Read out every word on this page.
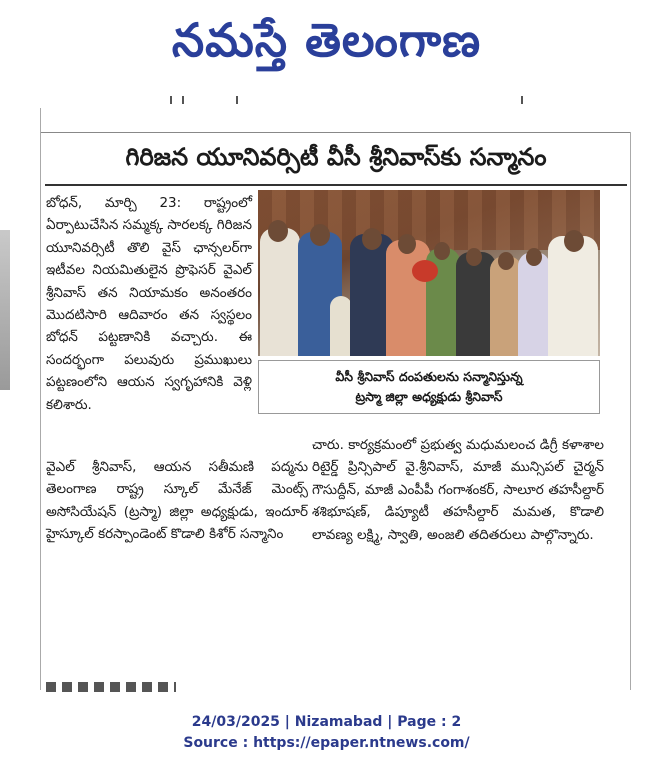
నమస్తే తెలంగాణ
గిరిజన యూనివర్సిటీ వీసీ శ్రీనివాస్‌కు సన్మానం
బోధన్, మార్చి 23: రాష్ట్రంలో ఏర్పాటుచేసిన సమ్మక్క సారలక్క గిరిజన యూనివర్సిటీ తొలి వైస్ ఛాన్సలర్‌గా ఇటీవల నియమితులైన ప్రొఫెసర్ వైఎల్ శ్రీనివాస్ తన నియామకం అనంతరం మొదటిసారి ఆదివారం తన స్వస్థలం బోధన్ పట్టణానికి వచ్చారు. ఈ సందర్భంగా పలువురు ప్రముఖులు పట్టణంలోని ఆయన స్వగృహానికి వెళ్లి కలిశారు.
వీసీ శ్రీనివాస్ దంపతులను సన్మానిస్తున్న
ట్రస్మా జిల్లా అధ్యక్షుడు శ్రీనివాస్
వైఎల్ శ్రీనివాస్, ఆయన సతీమణి పద్మను తెలంగాణ రాష్ట్ర స్కూల్ మేనేజ్ మెంట్స్ అసోసియేషన్ (ట్రస్మా) జిల్లా అధ్యక్షుడు, ఇందూర్ హైస్కూల్ కరస్పాండెంట్ కొడాలి కిశోర్ సన్మానిం
చారు. కార్యక్రమంలో ప్రభుత్వ మధుమలంచ డిగ్రీ కళాశాల రిటైర్డ్ ప్రిన్సిపాల్ వై.శ్రీనివాస్, మాజీ మున్సిపల్ చైర్మన్ గౌసుద్దీన్, మాజీ ఎంపీపీ గంగాశంకర్, సాలూర తహసీల్దార్ శశిభూషణ్, డిప్యూటీ తహసీల్దార్ మమత, కొడాలి లావణ్య లక్ష్మి, స్వాతి, అంజలి తదితరులు పాల్గొన్నారు.
24/03/2025 | Nizamabad | Page : 2
Source : https://epaper.ntnews.com/
